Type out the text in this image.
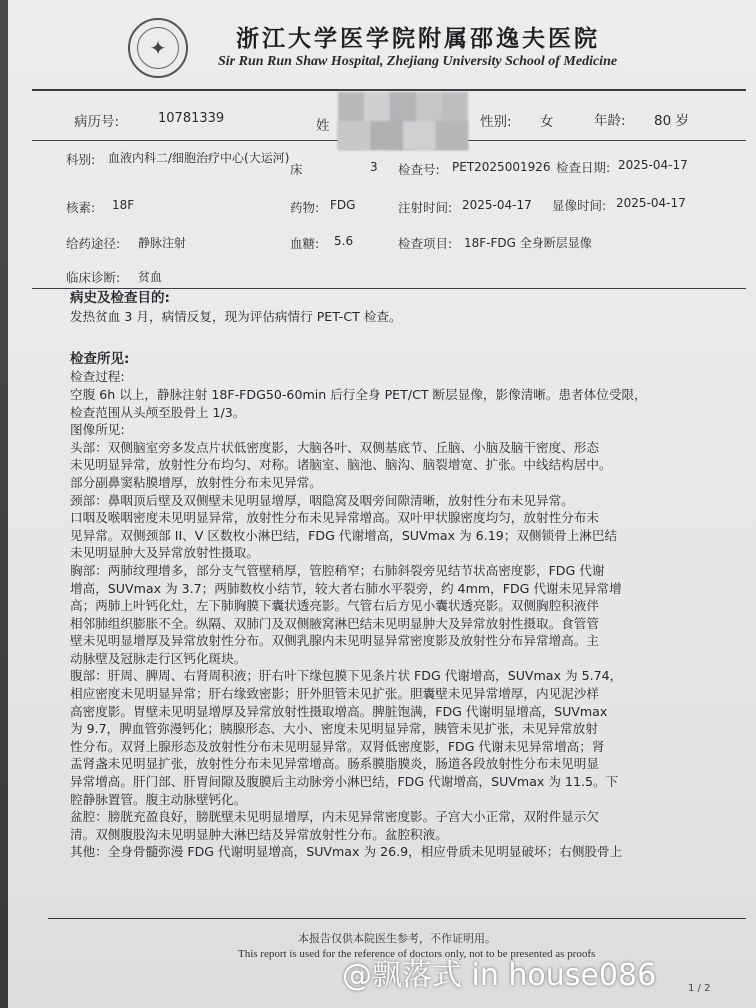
✦	浙江大学医学院附属邵逸夫医院
Sir Run Run Shaw Hospital, Zhejiang University School of Medicine
病历号:	10781339	姓	性别: 女	年龄: 80 岁
科别: 血液内科二/细胞治疗中心(大运河)
床	3 检查号: PET2025001926 检查日期: 2025-04-17
核素: 18F	药物: FDG	注射时间: 2025-04-17 显像时间: 2025-04-17
给药途径: 静脉注射	血糖: 5.6	检查项目: 18F-FDG 全身断层显像
临床诊断: 贫血

病史及检查目的:

发热贫血 3 月，病情反复，现为评估病情行 PET-CT 检查。

检查所见:

检查过程:

空腹 6h 以上，静脉注射 18F-FDG50-60min 后行全身 PET/CT 断层显像，影像清晰。患者体位受限，

检查范围从头颅至股骨上 1/3。

图像所见:

头部：双侧脑室旁多发点片状低密度影，大脑各叶、双侧基底节、丘脑、小脑及脑干密度、形态

未见明显异常，放射性分布均匀、对称。诸脑室、脑池、脑沟、脑裂增宽、扩张。中线结构居中。

部分副鼻窦粘膜增厚，放射性分布未见异常。

颈部：鼻咽顶后壁及双侧壁未见明显增厚，咽隐窝及咽旁间隙清晰，放射性分布未见异常。

口咽及喉咽密度未见明显异常，放射性分布未见异常增高。双叶甲状腺密度均匀，放射性分布未

见异常。双侧颈部 II、V 区数枚小淋巴结，FDG 代谢增高，SUVmax 为 6.19；双侧锁骨上淋巴结

未见明显肿大及异常放射性摄取。

胸部：两肺纹理增多，部分支气管壁稍厚，管腔稍窄；右肺斜裂旁见结节状高密度影，FDG 代谢

增高，SUVmax 为 3.7；两肺数枚小结节，较大者右肺水平裂旁，约 4mm，FDG 代谢未见异常增

高；两肺上叶钙化灶，左下肺胸膜下囊状透亮影。气管右后方见小囊状透亮影。双侧胸腔积液伴

相邻肺组织膨胀不全。纵隔、双肺门及双侧腋窝淋巴结未见明显肿大及异常放射性摄取。食管管

壁未见明显增厚及异常放射性分布。双侧乳腺内未见明显异常密度影及放射性分布异常增高。主

动脉壁及冠脉走行区钙化斑块。

腹部：肝周、脾周、右肾周积液；肝右叶下缘包膜下见条片状 FDG 代谢增高，SUVmax 为 5.74，

相应密度未见明显异常；肝右缘致密影；肝外胆管未见扩张。胆囊壁未见异常增厚，内见泥沙样

高密度影。胃壁未见明显增厚及异常放射性摄取增高。脾脏饱满，FDG 代谢明显增高，SUVmax

为 9.7，脾血管弥漫钙化；胰腺形态、大小、密度未见明显异常，胰管未见扩张，未见异常放射

性分布。双肾上腺形态及放射性分布未见明显异常。双肾低密度影，FDG 代谢未见异常增高；肾

盂肾盏未见明显扩张，放射性分布未见异常增高。肠系膜脂膜炎，肠道各段放射性分布未见明显

异常增高。肝门部、肝胃间隙及腹膜后主动脉旁小淋巴结，FDG 代谢增高，SUVmax 为 11.5。下

腔静脉置管。腹主动脉壁钙化。

盆腔：膀胱充盈良好，膀胱壁未见明显增厚，内未见异常密度影。子宫大小正常，双附件显示欠

清。双侧腹股沟未见明显肿大淋巴结及异常放射性分布。盆腔积液。

其他：全身骨髓弥漫 FDG 代谢明显增高，SUVmax 为 26.9，相应骨质未见明显破坏；右侧股骨上

本报告仅供本院医生参考，不作证明用。
This report is used for the reference of doctors only, not to be presented as proofs
1 / 2
@飘落式 in house086
